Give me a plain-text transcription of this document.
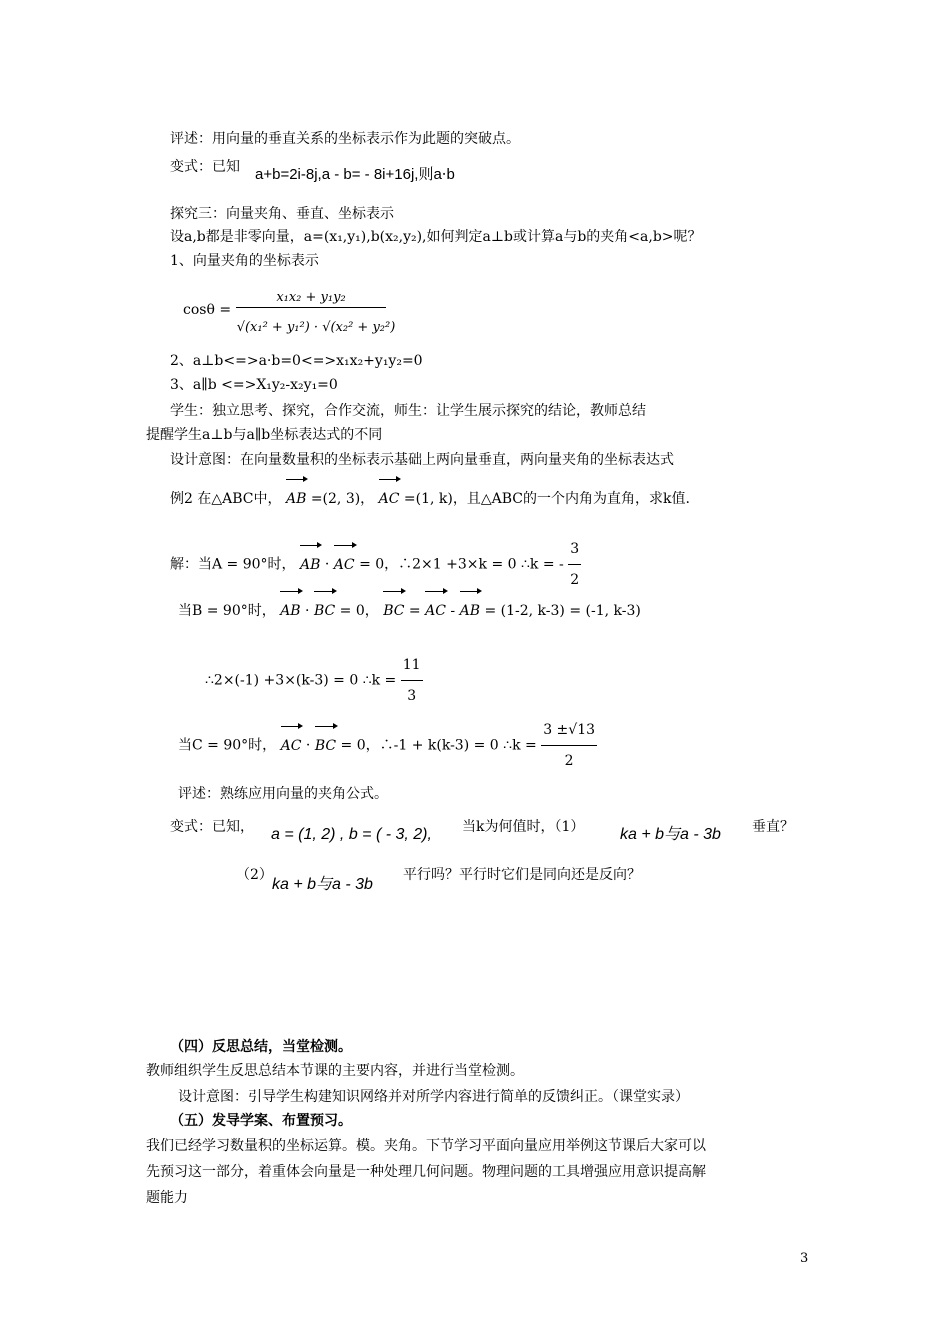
评述：用向量的垂直关系的坐标表示作为此题的突破点。
变式：已知 a+b=2i-8j,a - b= - 8i+16j,则a⋅b
探究三：向量夹角、垂直、坐标表示
设a,b都是非零向量，a=(x₁,y₁),b(x₂,y₂),如何判定a⊥b或计算a与b的夹角<a,b>呢？
1、向量夹角的坐标表示
cosθ =
x₁x₂ + y₁y₂
√(x₁² + y₁²) · √(x₂² + y₂²)
2、a⊥b<=>a·b=0<=>x₁x₂+y₁y₂=0
3、a∥b <=>X₁y₂-x₂y₁=0
学生：独立思考、探究，合作交流，师生：让学生展示探究的结论，教师总结
提醒学生a⊥b与a∥b坐标表达式的不同
设计意图：在向量数量积的坐标表示基础上两向量垂直，两向量夹角的坐标表达式
例2 在△ABC中， AB =(2, 3)， AC =(1, k)，且△ABC的一个内角为直角，求k值.
解：当A = 90°时， AB · AC = 0，∴2×1 +3×k = 0 ∴k = - $\frac{3}{2}$
当B = 90°时， AB · BC = 0， BC = AC - AB = (1-2, k-3) = (-1, k-3)
∴2×(-1) +3×(k-3) = 0 ∴k = $\frac{11}{3}$
当C = 90°时， AC · BC = 0，∴-1 + k(k-3) = 0 ∴k = $\frac{3 \pm√13}{2}$
评述：熟练应用向量的夹角公式。
变式：已知， a = (1, 2) , b = ( - 3, 2), 当k为何值时，（1） ka + b与a - 3b 垂直？
（2）
ka + b与a - 3b
平行吗？平行时它们是同向还是反向？
（四）反思总结，当堂检测。
教师组织学生反思总结本节课的主要内容，并进行当堂检测。
设计意图：引导学生构建知识网络并对所学内容进行简单的反馈纠正。（课堂实录）
（五）发导学案、布置预习。
我们已经学习数量积的坐标运算。模。夹角。下节学习平面向量应用举例这节课后大家可以
先预习这一部分，着重体会向量是一种处理几何问题。物理问题的工具增强应用意识提高解
题能力
3
